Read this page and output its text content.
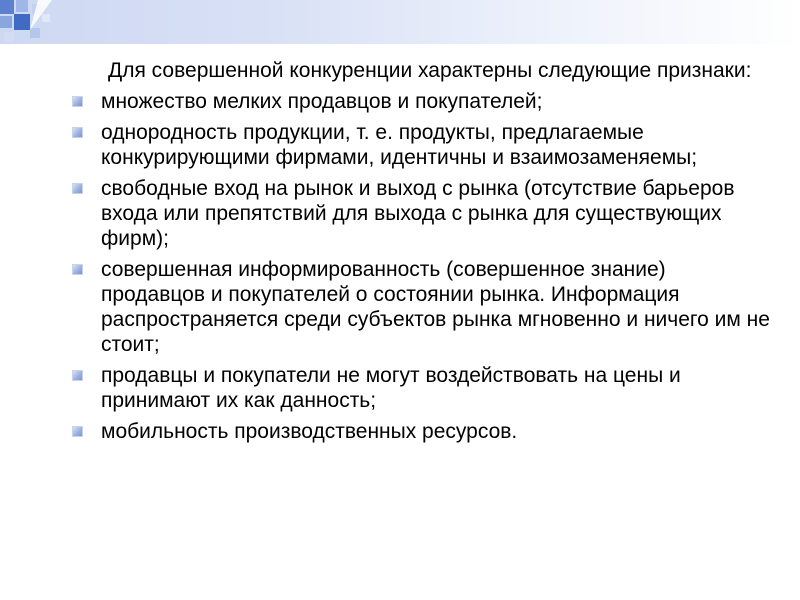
Для совершенной конкуренции характерны следующие признаки:

множество мелких продавцов и покупателей;
однородность продукции, т. е. продукты, предлагаемые конкурирующими фирмами, идентичны и взаимозаменяемы;
свободные вход на рынок и выход с рынка (отсутствие барьеров входа или препятствий для выхода с рынка для существующих фирм);
совершенная информированность (совершенное знание) продавцов и покупателей о состоянии рынка. Информация распространяется среди субъектов рынка мгновенно и ничего им не стоит;
продавцы и покупатели не могут воздействовать на цены и принимают их как данность;
мобильность производственных ресурсов.
